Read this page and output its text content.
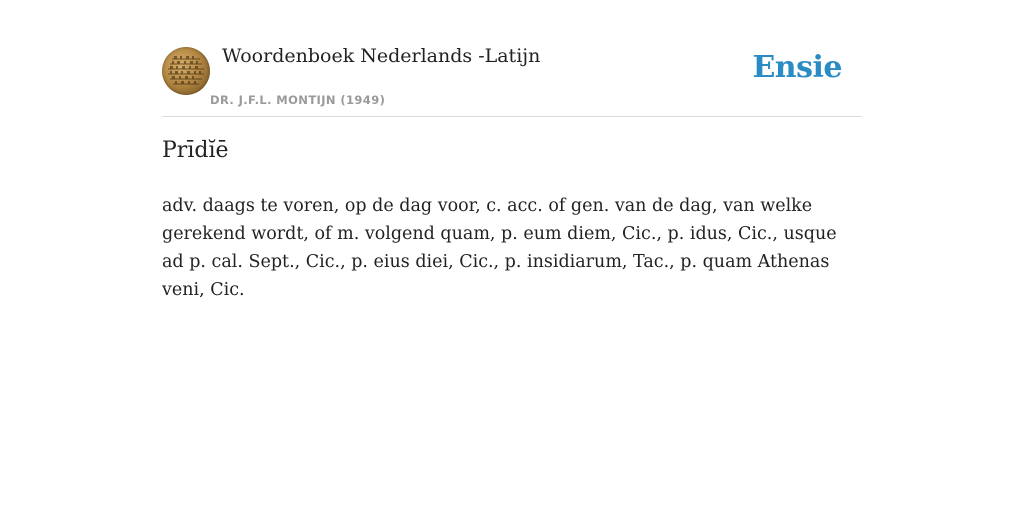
Woordenboek Nederlands -Latijn
DR. J.F.L. MONTIJN (1949)
Ensie
Prīdĭē

adv. daags te voren, op de dag voor, c. acc. of gen. van de dag, van welke gerekend wordt, of m. volgend quam, p. eum diem, Cic., p. idus, Cic., usque ad p. cal. Sept., Cic., p. eius diei, Cic., p. insidiarum, Tac., p. quam Athenas veni, Cic.
